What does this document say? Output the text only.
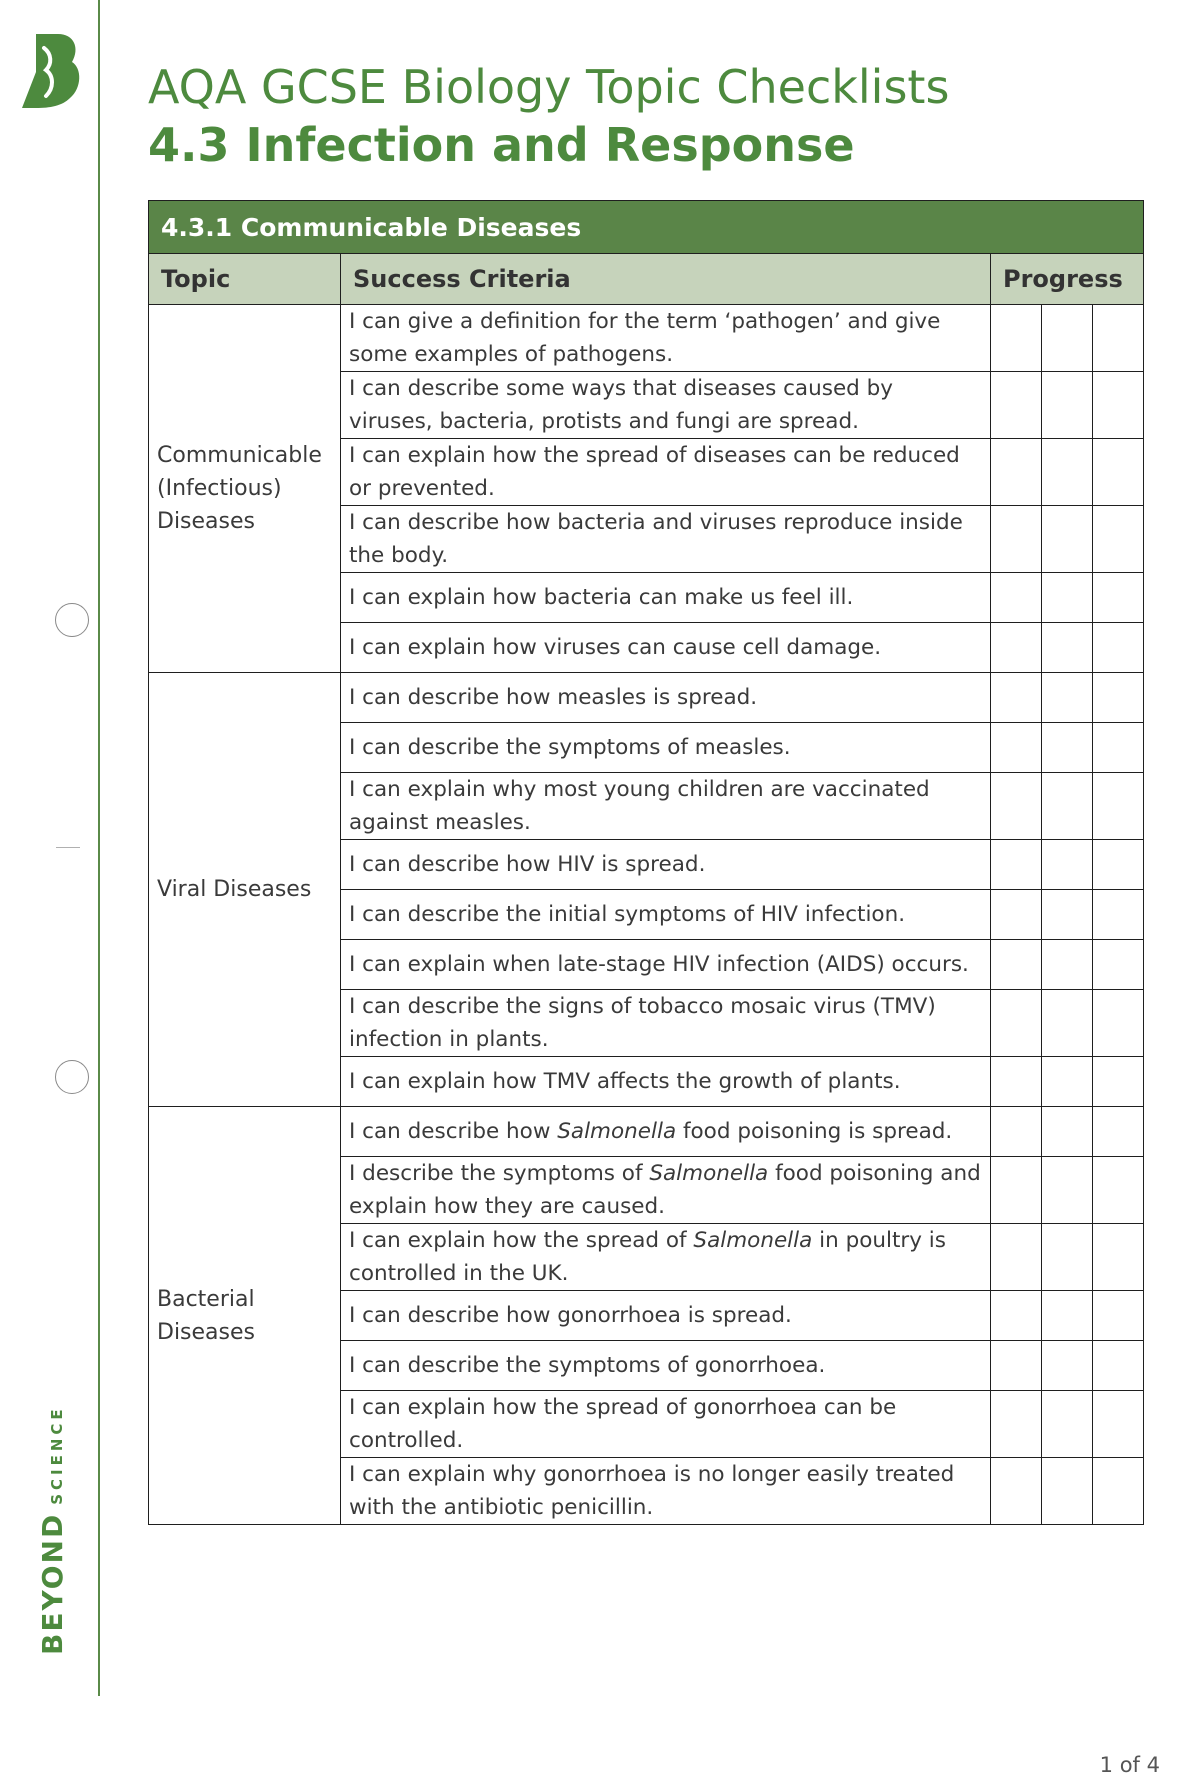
BEYONDSCIENCE
AQA GCSE Biology Topic Checklists
4.3 Infection and Response
4.3.1 Communicable Diseases				
Topic	Success Criteria	Progress		
Communicable (Infectious) Diseases	I can give a definition for the term ‘pathogen’ and give some examples of pathogens.			
	I can describe some ways that diseases caused by viruses, bacteria, protists and fungi are spread.			
	I can explain how the spread of diseases can be reduced or prevented.			
	I can describe how bacteria and viruses reproduce inside the body.			
	I can explain how bacteria can make us feel ill.			
	I can explain how viruses can cause cell damage.			
Viral Diseases	I can describe how measles is spread.			
	I can describe the symptoms of measles.			
	I can explain why most young children are vaccinated against measles.			
	I can describe how HIV is spread.			
	I can describe the initial symptoms of HIV infection.			
	I can explain when late-stage HIV infection (AIDS) occurs.			
	I can describe the signs of tobacco mosaic virus (TMV) infection in plants.			
	I can explain how TMV affects the growth of plants.			
Bacterial Diseases	I can describe how Salmonella food poisoning is spread.			
	I describe the symptoms of Salmonella food poisoning and explain how they are caused.			
	I can explain how the spread of Salmonella in poultry is controlled in the UK.			
	I can describe how gonorrhoea is spread.			
	I can describe the symptoms of gonorrhoea.			
	I can explain how the spread of gonorrhoea can be controlled.			
	I can explain why gonorrhoea is no longer easily treated with the antibiotic penicillin.			
1 of 4
